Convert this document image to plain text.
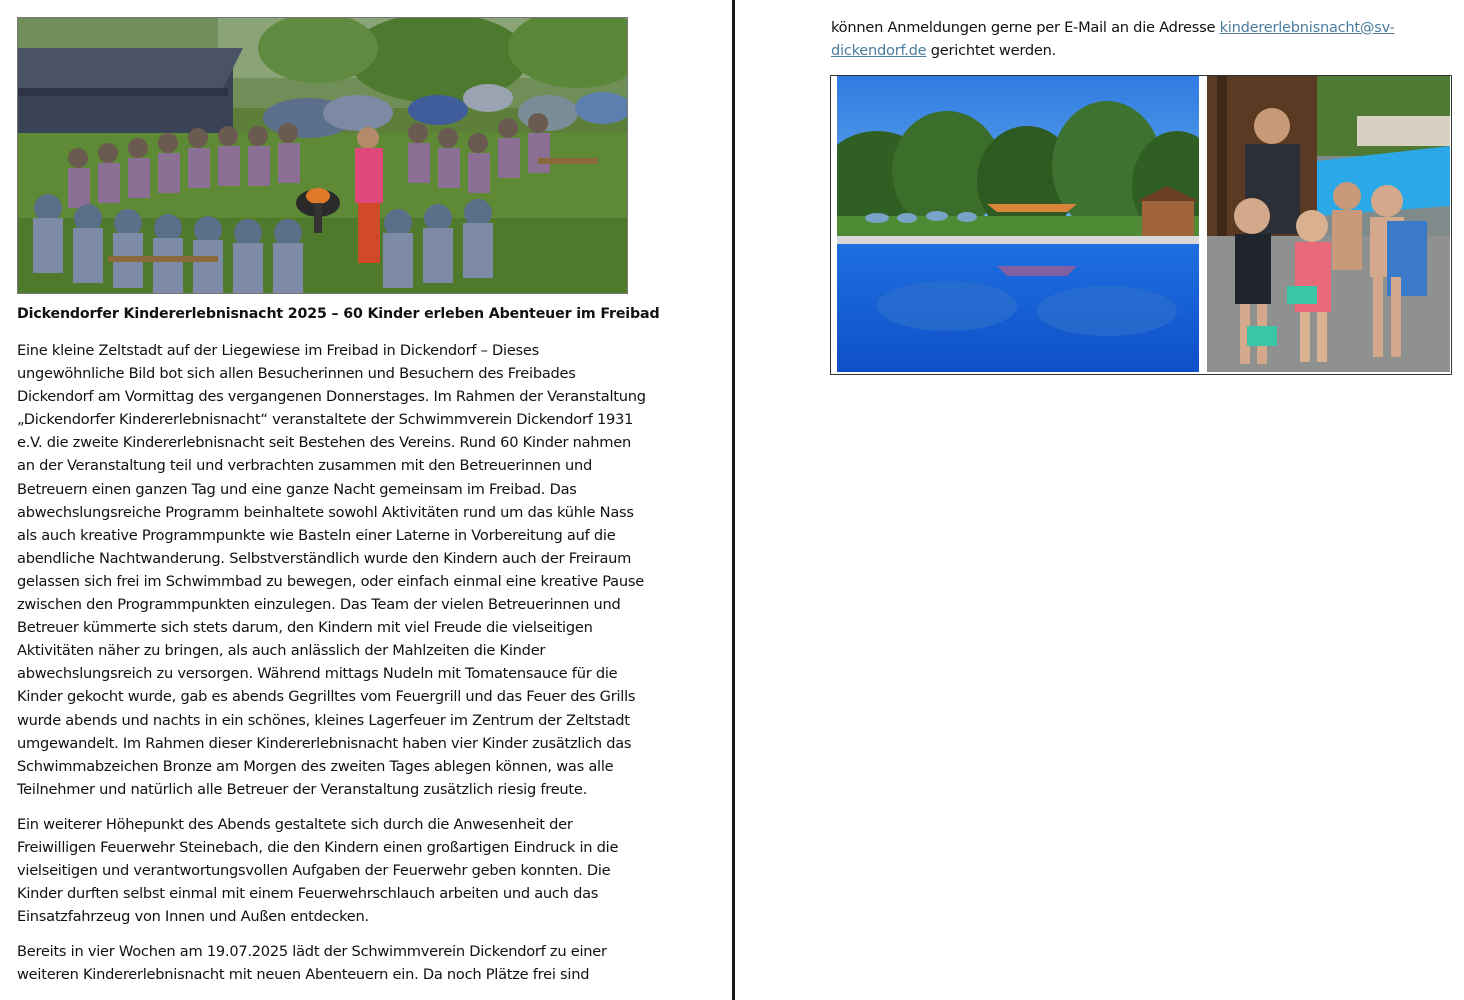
Dickendorfer Kindererlebnisnacht 2025 – 60 Kinder erleben Abenteuer im Freibad

Eine kleine Zeltstadt auf der Liegewiese im Freibad in Dickendorf – Dieses
ungewöhnliche Bild bot sich allen Besucherinnen und Besuchern des Freibades
Dickendorf am Vormittag des vergangenen Donnerstages. Im Rahmen der Veranstaltung
„Dickendorfer Kindererlebnisnacht“ veranstaltete der Schwimmverein Dickendorf 1931
e.V. die zweite Kindererlebnisnacht seit Bestehen des Vereins. Rund 60 Kinder nahmen
an der Veranstaltung teil und verbrachten zusammen mit den Betreuerinnen und
Betreuern einen ganzen Tag und eine ganze Nacht gemeinsam im Freibad. Das
abwechslungsreiche Programm beinhaltete sowohl Aktivitäten rund um das kühle Nass
als auch kreative Programmpunkte wie Basteln einer Laterne in Vorbereitung auf die
abendliche Nachtwanderung. Selbstverständlich wurde den Kindern auch der Freiraum
gelassen sich frei im Schwimmbad zu bewegen, oder einfach einmal eine kreative Pause
zwischen den Programmpunkten einzulegen. Das Team der vielen Betreuerinnen und
Betreuer kümmerte sich stets darum, den Kindern mit viel Freude die vielseitigen
Aktivitäten näher zu bringen, als auch anlässlich der Mahlzeiten die Kinder
abwechslungsreich zu versorgen. Während mittags Nudeln mit Tomatensauce für die
Kinder gekocht wurde, gab es abends Gegrilltes vom Feuergrill und das Feuer des Grills
wurde abends und nachts in ein schönes, kleines Lagerfeuer im Zentrum der Zeltstadt
umgewandelt. Im Rahmen dieser Kindererlebnisnacht haben vier Kinder zusätzlich das
Schwimmabzeichen Bronze am Morgen des zweiten Tages ablegen können, was alle
Teilnehmer und natürlich alle Betreuer der Veranstaltung zusätzlich riesig freute.
Ein weiterer Höhepunkt des Abends gestaltete sich durch die Anwesenheit der
Freiwilligen Feuerwehr Steinebach, die den Kindern einen großartigen Eindruck in die
vielseitigen und verantwortungsvollen Aufgaben der Feuerwehr geben konnten. Die
Kinder durften selbst einmal mit einem Feuerwehrschlauch arbeiten und auch das
Einsatzfahrzeug von Innen und Außen entdecken.
Bereits in vier Wochen am 19.07.2025 lädt der Schwimmverein Dickendorf zu einer
weiteren Kindererlebnisnacht mit neuen Abenteuern ein. Da noch Plätze frei sind
können Anmeldungen gerne per E-Mail an die Adresse kindererlebnisnacht@sv-
dickendorf.de gerichtet werden.
